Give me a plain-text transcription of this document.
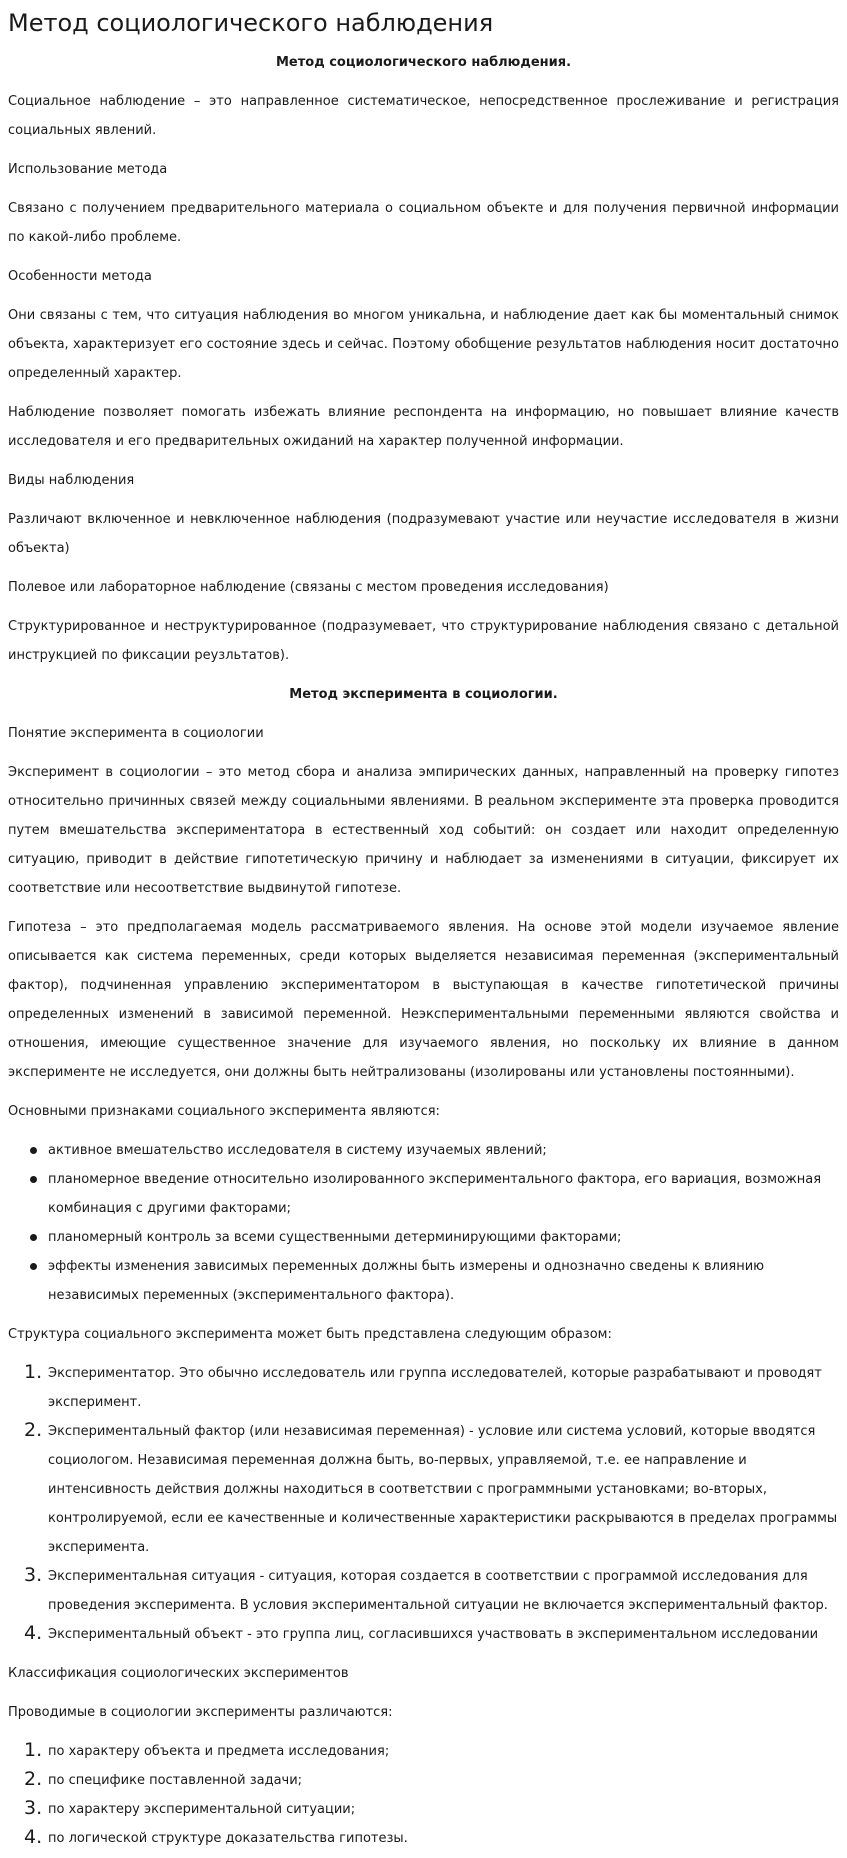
Метод социологического наблюдения

Метод социологического наблюдения.

Социальное наблюдение – это направленное систематическое, непосредственное прослеживание и регистрация социальных явлений.

Использование метода

Связано с получением предварительного материала о социальном объекте и для получения первичной информации по какой-либо проблеме.

Особенности метода

Они связаны с тем, что ситуация наблюдения во многом уникальна, и наблюдение дает как бы моментальный снимок объекта, характеризует его состояние здесь и сейчас. Поэтому обобщение результатов наблюдения носит достаточно определенный характер.

Наблюдение позволяет помогать избежать влияние респондента на информацию, но повышает влияние качеств исследователя и его предварительных ожиданий на характер полученной информации.

Виды наблюдения

Различают включенное и невключенное наблюдения (подразумевают участие или неучастие исследователя в жизни объекта)

Полевое или лабораторное наблюдение (связаны с местом проведения исследования)

Структурированное и неструктурированное (подразумевает, что структурирование наблюдения связано с детальной инструкцией по фиксации реузльтатов).

Метод эксперимента в социологии.

Понятие эксперимента в социологии

Эксперимент в социологии – это метод сбора и анализа эмпирических данных, направленный на проверку гипотез относительно причинных связей между социальными явлениями. В реальном эксперименте эта проверка проводится путем вмешательства экспериментатора в естественный ход событий: он создает или находит определенную ситуацию, приводит в действие гипотетическую причину и наблюдает за изменениями в ситуации, фиксирует их соответствие или несоответствие выдвинутой гипотезе.

Гипотеза – это предполагаемая модель рассматриваемого явления. На основе этой модели изучаемое явление описывается как система переменных, среди которых выделяется независимая переменная (экспериментальный фактор), подчиненная управлению экспериментатором в выступающая в качестве гипотетической причины определенных изменений в зависимой переменной. Неэкспериментальными переменными являются свойства и отношения, имеющие существенное значение для изучаемого явления, но поскольку их влияние в данном эксперименте не исследуется, они должны быть нейтрализованы (изолированы или установлены постоянными).

Основными признаками социального эксперимента являются:

активное вмешательство исследователя в систему изучаемых явлений;
планомерное введение относительно изолированного экспериментального фактора, его вариация, возможная комбинация с другими факторами;
планомерный контроль за всеми существенными детерминирующими факторами;
эффекты изменения зависимых переменных должны быть измерены и однозначно сведены к влиянию независимых переменных (экспериментального фактора).

Структура социального эксперимента может быть представлена следующим образом:

1. Экспериментатор. Это обычно исследователь или группа исследователей, которые разрабатывают и проводят эксперимент.
2. Экспериментальный фактор (или независимая переменная) - условие или система условий, которые вводятся социологом. Независимая переменная должна быть, во-первых, управляемой, т.е. ее направление и интенсивность действия должны находиться в соответствии с программными установками; во-вторых, контролируемой, если ее качественные и количественные характеристики раскрываются в пределах программы эксперимента.
3. Экспериментальная ситуация - ситуация, которая создается в соответствии с программой исследования для проведения эксперимента. В условия экспериментальной ситуации не включается экспериментальный фактор.
4. Экспериментальный объект - это группа лиц, согласившихся участвовать в экспериментальном исследовании

Классификация социологических экспериментов

Проводимые в социологии эксперименты различаются:

1. по характеру объекта и предмета исследования;
2. по специфике поставленной задачи;
3. по характеру экспериментальной ситуации;
4. по логической структуре доказательства гипотезы.
